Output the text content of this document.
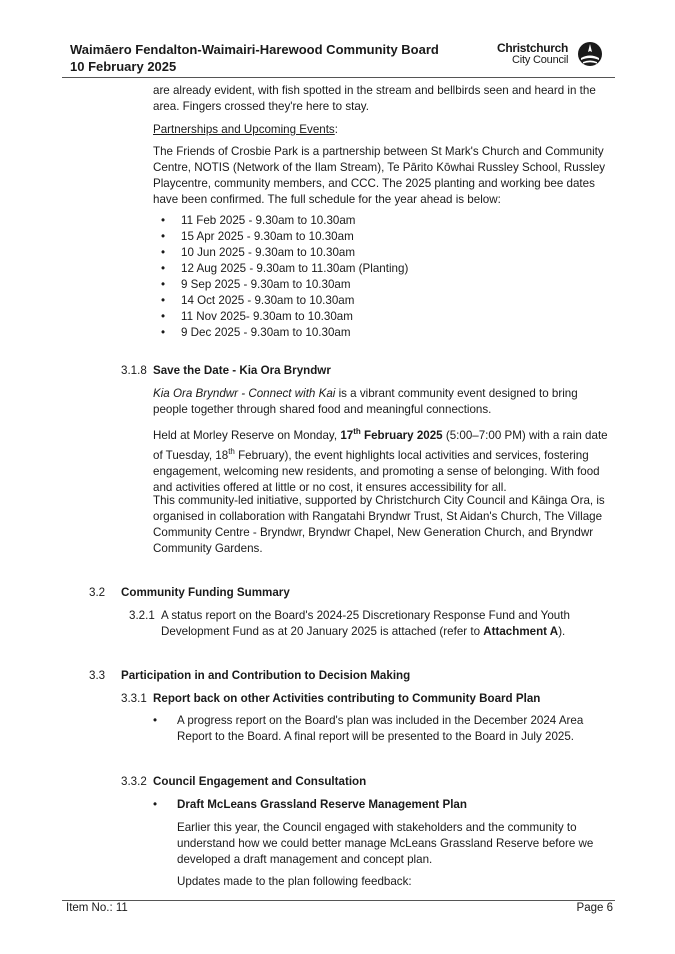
Waimāero Fendalton-Waimairi-Harewood Community Board
10 February 2025
Christchurch
City Council
are already evident, with fish spotted in the stream and bellbirds seen and heard in the area. Fingers crossed they're here to stay.
Partnerships and Upcoming Events:
The Friends of Crosbie Park is a partnership between St Mark's Church and Community Centre, NOTIS (Network of the Ilam Stream), Te Pārito Kōwhai Russley School, Russley Playcentre, community members, and CCC. The 2025 planting and working bee dates have been confirmed. The full schedule for the year ahead is below:
• 11 Feb 2025 - 9.30am to 10.30am
• 15 Apr 2025 - 9.30am to 10.30am
• 10 Jun 2025 - 9.30am to 10.30am
• 12 Aug 2025 - 9.30am to 11.30am (Planting)
• 9 Sep 2025 - 9.30am to 10.30am
• 14 Oct 2025 - 9.30am to 10.30am
• 11 Nov 2025- 9.30am to 10.30am
• 9 Dec 2025 - 9.30am to 10.30am
3.1.8 Save the Date - Kia Ora Bryndwr
Kia Ora Bryndwr - Connect with Kai is a vibrant community event designed to bring people together through shared food and meaningful connections.
Held at Morley Reserve on Monday, 17th February 2025 (5:00–7:00 PM) with a rain date of Tuesday, 18th February), the event highlights local activities and services, fostering engagement, welcoming new residents, and promoting a sense of belonging. With food and activities offered at little or no cost, it ensures accessibility for all.
This community-led initiative, supported by Christchurch City Council and Kāinga Ora, is organised in collaboration with Rangatahi Bryndwr Trust, St Aidan's Church, The Village Community Centre - Bryndwr, Bryndwr Chapel, New Generation Church, and Bryndwr Community Gardens.
3.2 Community Funding Summary
3.2.1 A status report on the Board's 2024-25 Discretionary Response Fund and Youth Development Fund as at 20 January 2025 is attached (refer to Attachment A).
3.3 Participation in and Contribution to Decision Making
3.3.1 Report back on other Activities contributing to Community Board Plan
• A progress report on the Board's plan was included in the December 2024 Area Report to the Board. A final report will be presented to the Board in July 2025.
3.3.2 Council Engagement and Consultation
• Draft McLeans Grassland Reserve Management Plan
Earlier this year, the Council engaged with stakeholders and the community to understand how we could better manage McLeans Grassland Reserve before we developed a draft management and concept plan.
Updates made to the plan following feedback:
Item No.: 11	Page 6
